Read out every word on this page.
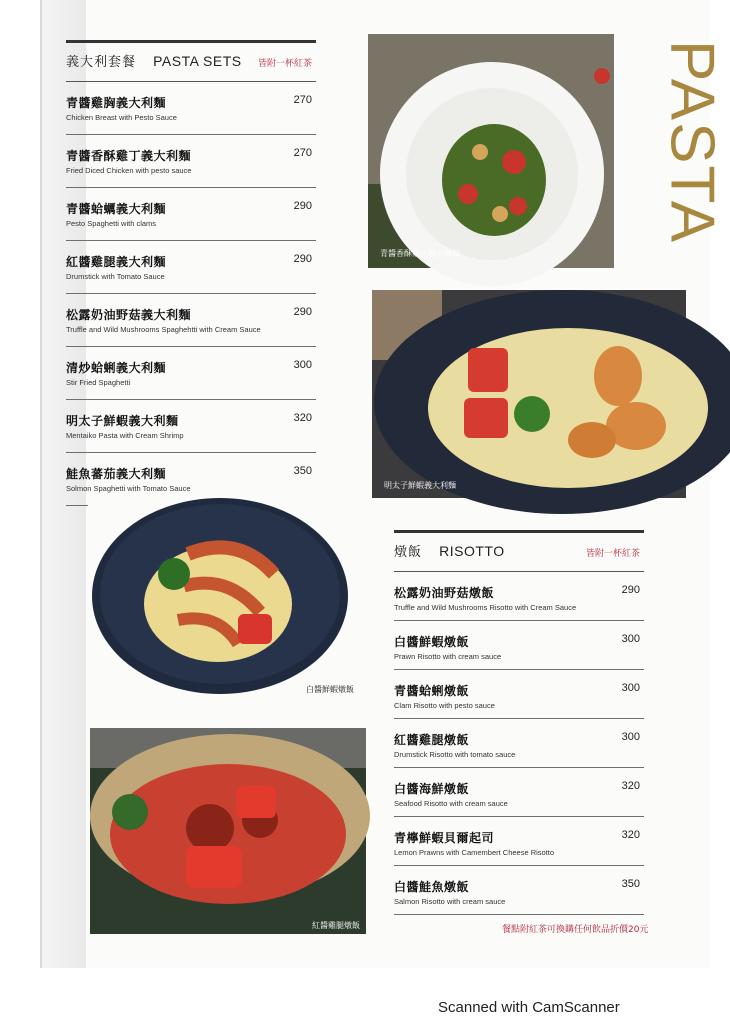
義大利套餐 PASTA SETS 皆附一杯紅茶
青醬雞胸義大利麵
Chicken Breast with Pesto Sauce
270
青醬香酥雞丁義大利麵
Fried Diced Chicken with pesto sauce
270
青醬蛤蠣義大利麵
Pesto Spaghetti with clams
290
紅醬雞腿義大利麵
Drumstick with Tomato Sauce
290
松露奶油野菇義大利麵
Truffle and Wild Mushrooms Spaghehtti with Cream Sauce
290
清炒蛤蜊義大利麵
Stir Fried Spaghetti
300
明太子鮮蝦義大利麵
Mentaiko Pasta with Cream Shrimp
320
鮭魚蕃茄義大利麵
Solmon Spaghetti with Tomato Sauce
350
青醬香酥雞丁義大利麵
PASTA
明太子鮮蝦義大利麵
白醬鮮蝦燉飯
紅醬雞腿燉飯
燉飯 RISOTTO	皆附一杯紅茶
松露奶油野菇燉飯
Truffle and Wild Mushrooms Risotto with Cream Sauce
290
白醬鮮蝦燉飯
Prawn Risotto with cream sauce
300
青醬蛤蜊燉飯
Clam Risotto with pesto sauce
300
紅醬雞腿燉飯
Drumstick Risotto with tomato sauce
300
白醬海鮮燉飯
Seafood Risotto with cream sauce
320
青檸鮮蝦貝爾起司
Lemon Prawns with Camembert Cheese Risotto
320
白醬鮭魚燉飯
Salmon Risotto with cream sauce
350
餐點附紅茶可換購任何飲品折價20元
Scanned with CamScanner
